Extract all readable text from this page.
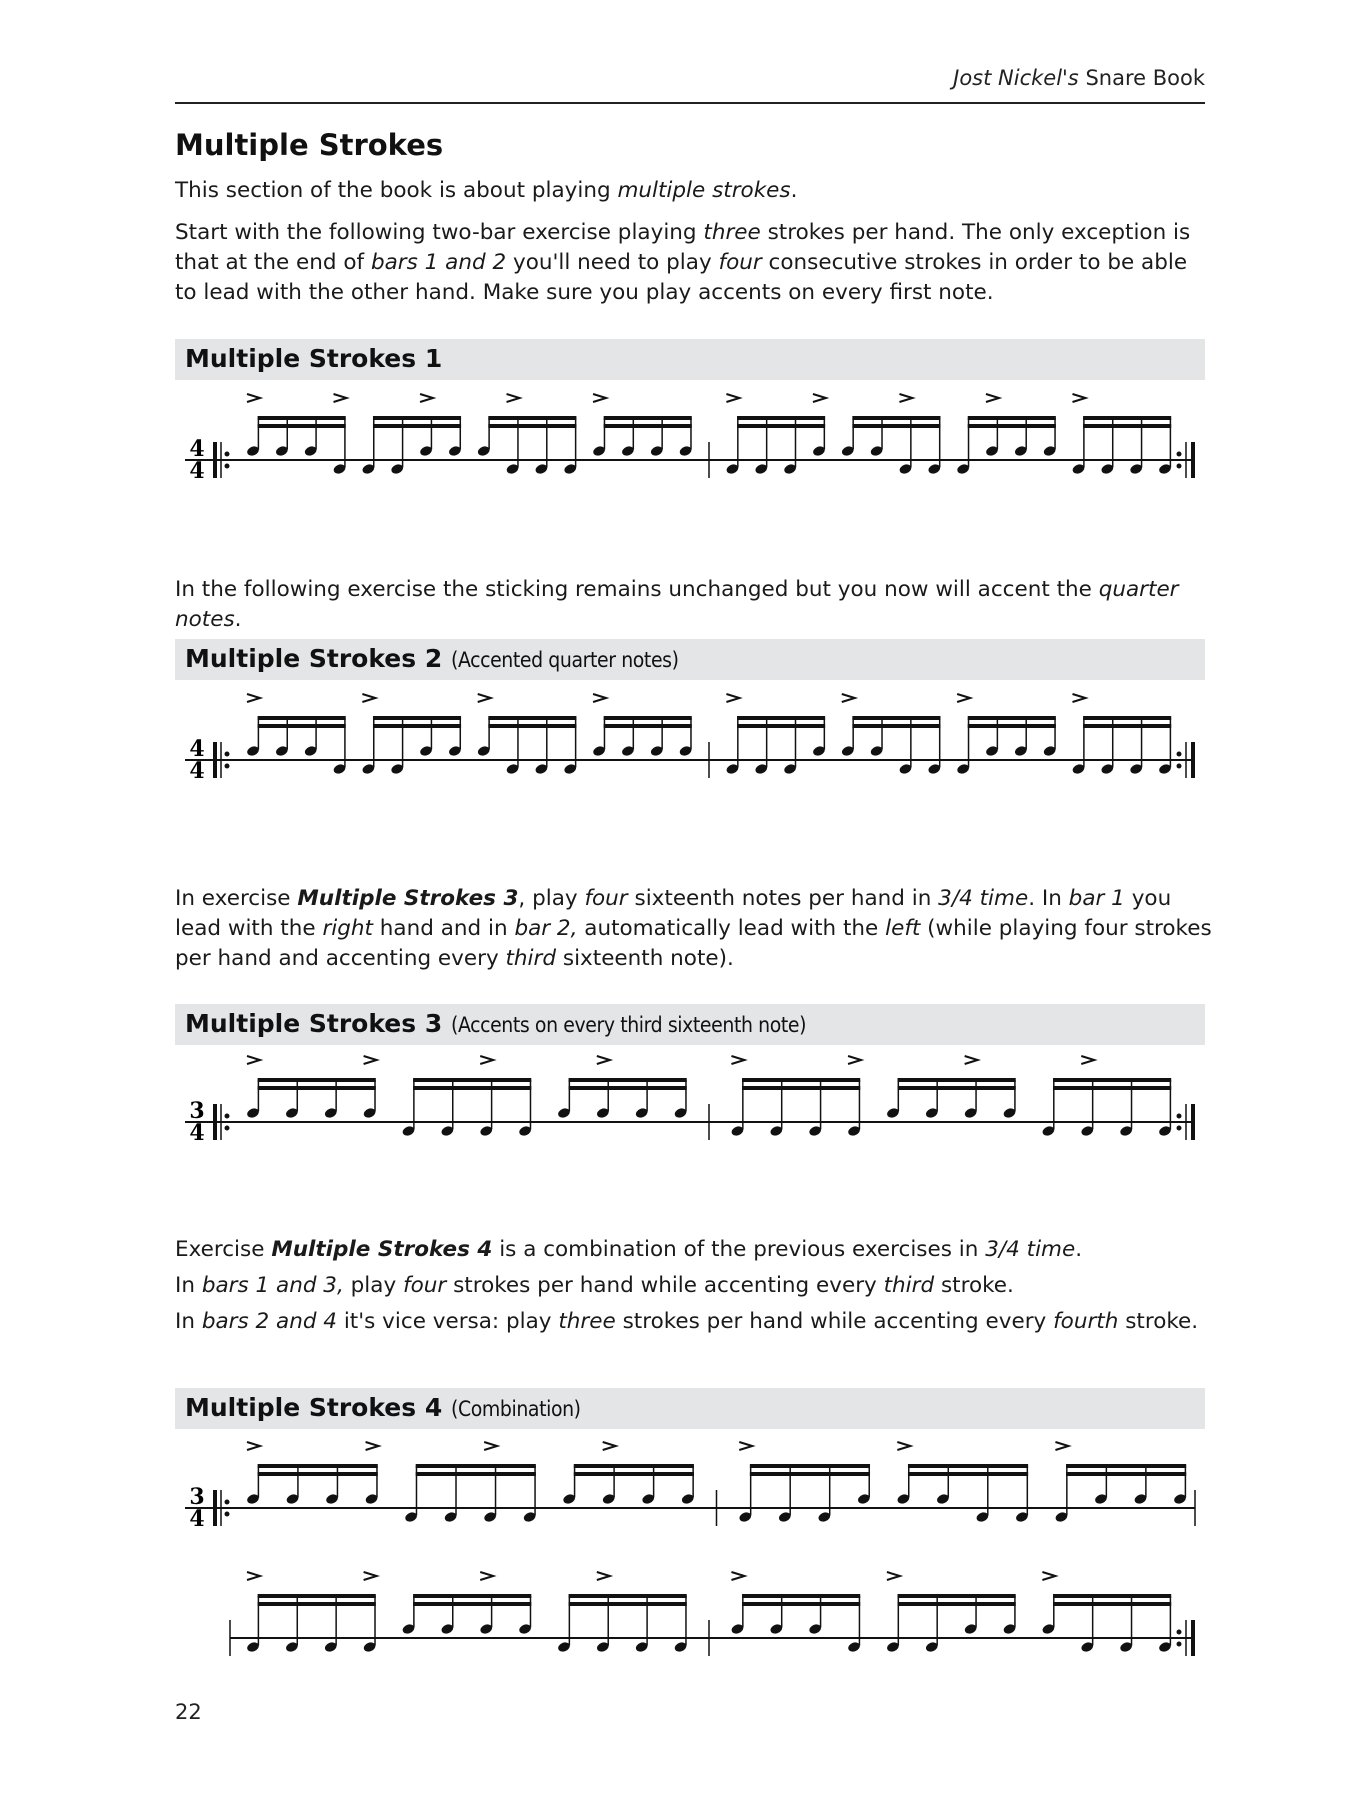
Jost Nickel's Snare Book
Multiple Strokes

This section of the book is about playing multiple strokes.

Start with the following two-bar exercise playing three strokes per hand. The only exception is that at the end of bars 1 and 2 you'll need to play four consecutive strokes in order to be able to lead with the other hand. Make sure you play accents on every first note.

Multiple Strokes 1
4
4

In the following exercise the sticking remains unchanged but you now will accent the quarter notes.

Multiple Strokes 2 (Accented quarter notes)
4
4

In exercise Multiple Strokes 3, play four sixteenth notes per hand in 3/4 time. In bar 1 you lead with the right hand and in bar 2, automatically lead with the left (while playing four strokes per hand and accenting every third sixteenth note).

Multiple Strokes 3 (Accents on every third sixteenth note)
3
4

Exercise Multiple Strokes 4 is a combination of the previous exercises in 3/4 time.

In bars 1 and 3, play four strokes per hand while accenting every third stroke.

In bars 2 and 4 it's vice versa: play three strokes per hand while accenting every fourth stroke.

Multiple Strokes 4 (Combination)
3
4
22
